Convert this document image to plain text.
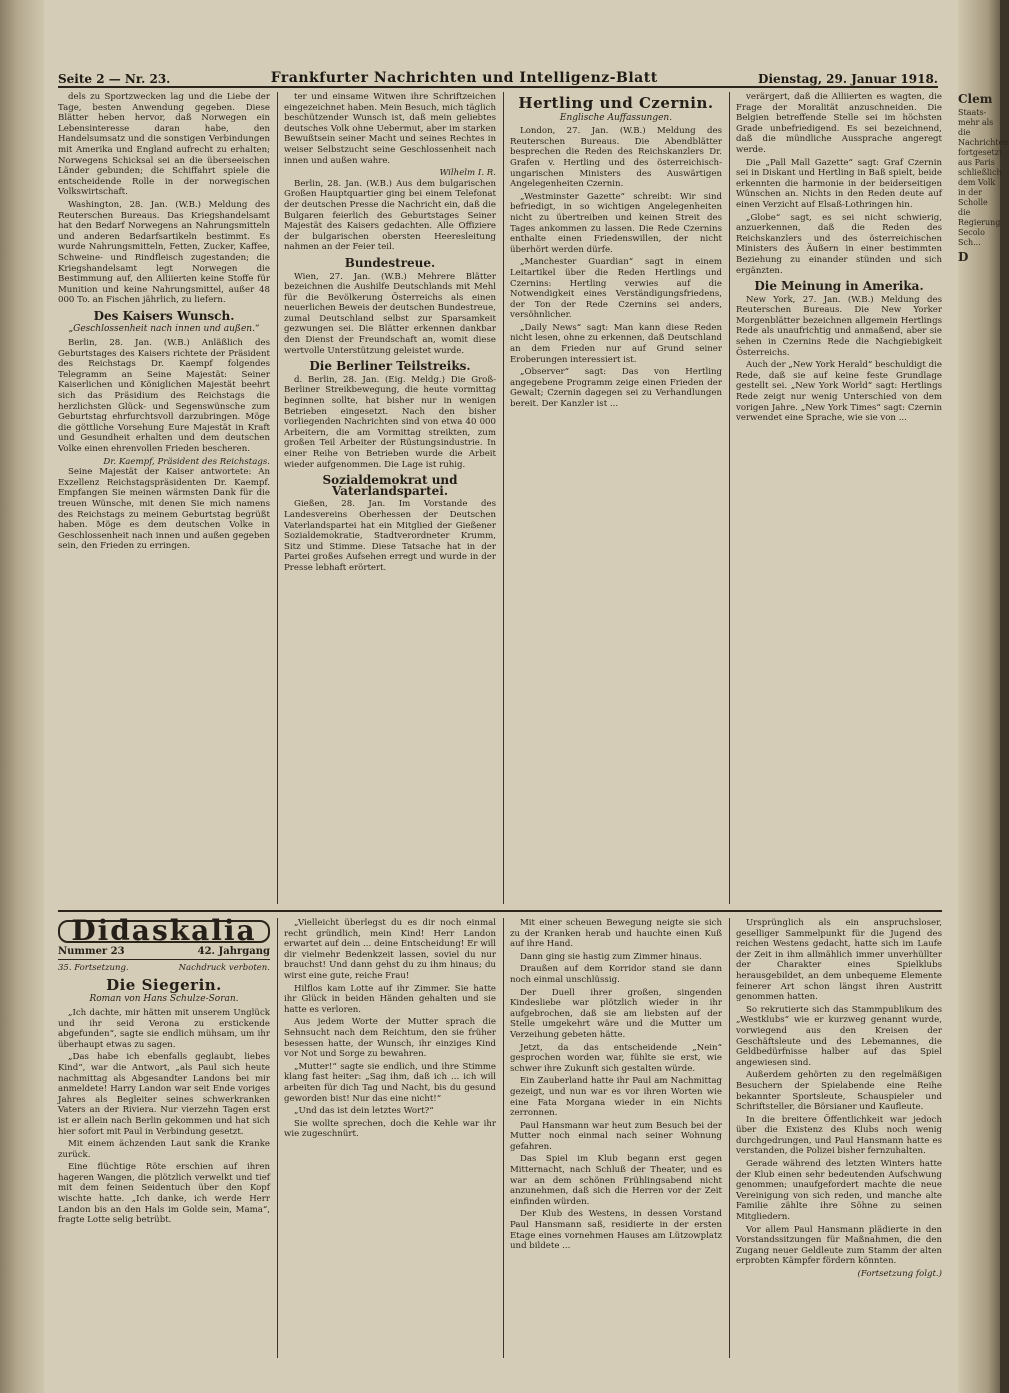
Seite 2 — Nr. 23.	Frankfurter Nachrichten und Intelligenz-Blatt	Dienstag, 29. Januar 1918.

dels zu Sportzwecken lag und die Liebe der Tage, besten Anwendung gegeben. Diese Blätter heben hervor, daß Norwegen ein Lebensinteresse daran habe, den Handelsumsatz und die sonstigen Verbindungen mit Amerika und England aufrecht zu erhalten; Norwegens Schicksal sei an die überseeischen Länder gebunden; die Schiffahrt spiele die entscheidende Rolle in der norwegischen Volkswirtschaft.

Washington, 28. Jan. (W.B.) Meldung des Reuterschen Bureaus. Das Kriegshandelsamt hat den Bedarf Norwegens an Nahrungsmitteln und anderen Bedarfsartikeln bestimmt. Es wurde Nahrungsmitteln, Fetten, Zucker, Kaffee, Schweine- und Rindfleisch zugestanden; die Kriegshandelsamt legt Norwegen die Bestimmung auf, den Alliierten keine Stoffe für Munition und keine Nahrungsmittel, außer 48 000 To. an Fischen jährlich, zu liefern.

Des Kaisers Wunsch.
„Geschlossenheit nach innen und außen.“

Berlin, 28. Jan. (W.B.) Anläßlich des Geburtstages des Kaisers richtete der Präsident des Reichstags Dr. Kaempf folgendes Telegramm an Seine Majestät: Seiner Kaiserlichen und Königlichen Majestät beehrt sich das Präsidium des Reichstags die herzlichsten Glück- und Segenswünsche zum Geburtstag ehrfurchtsvoll darzubringen. Möge die göttliche Vorsehung Eure Majestät in Kraft und Gesundheit erhalten und dem deutschen Volke einen ehrenvollen Frieden bescheren.

Dr. Kaempf, Präsident des Reichstags.

Seine Majestät der Kaiser antwortete: An Exzellenz Reichstagspräsidenten Dr. Kaempf. Empfangen Sie meinen wärmsten Dank für die treuen Wünsche, mit denen Sie mich namens des Reichstags zu meinem Geburtstag begrüßt haben. Möge es dem deutschen Volke in Geschlossenheit nach innen und außen gegeben sein, den Frieden zu erringen.

ter und einsame Witwen ihre Schriftzeichen eingezeichnet haben. Mein Besuch, mich täglich beschützender Wunsch ist, daß mein geliebtes deutsches Volk ohne Uebermut, aber im starken Bewußtsein seiner Macht und seines Rechtes in weiser Selbstzucht seine Geschlossenheit nach innen und außen wahre.

Wilhelm I. R.

Berlin, 28. Jan. (W.B.) Aus dem bulgarischen Großen Hauptquartier ging bei einem Telefonat der deutschen Presse die Nachricht ein, daß die Bulgaren feierlich des Geburtstages Seiner Majestät des Kaisers gedachten. Alle Offiziere der bulgarischen obersten Heeresleitung nahmen an der Feier teil.

Bundestreue.

Wien, 27. Jan. (W.B.) Mehrere Blätter bezeichnen die Aushilfe Deutschlands mit Mehl für die Bevölkerung Österreichs als einen neuerlichen Beweis der deutschen Bundestreue, zumal Deutschland selbst zur Sparsamkeit gezwungen sei. Die Blätter erkennen dankbar den Dienst der Freundschaft an, womit diese wertvolle Unterstützung geleistet wurde.

Die Berliner Teilstreiks.

d. Berlin, 28. Jan. (Eig. Meldg.) Die Groß-Berliner Streikbewegung, die heute vormittag beginnen sollte, hat bisher nur in wenigen Betrieben eingesetzt. Nach den bisher vorliegenden Nachrichten sind von etwa 40 000 Arbeitern, die am Vormittag streikten, zum großen Teil Arbeiter der Rüstungsindustrie. In einer Reihe von Betrieben wurde die Arbeit wieder aufgenommen. Die Lage ist ruhig.

Sozialdemokrat und Vaterlandspartei.

Gießen, 28. Jan. Im Vorstande des Landesvereins Oberhessen der Deutschen Vaterlandspartei hat ein Mitglied der Gießener Sozialdemokratie, Stadtverordneter Krumm, Sitz und Stimme. Diese Tatsache hat in der Partei großes Aufsehen erregt und wurde in der Presse lebhaft erörtert.

Hertling und Czernin.
Englische Auffassungen.

London, 27. Jan. (W.B.) Meldung des Reuterschen Bureaus. Die Abendblätter besprechen die Reden des Reichskanzlers Dr. Grafen v. Hertling und des österreichisch-ungarischen Ministers des Auswärtigen Angelegenheiten Czernin.

„Westminster Gazette“ schreibt: Wir sind befriedigt, in so wichtigen Angelegenheiten nicht zu übertreiben und keinen Streit des Tages ankommen zu lassen. Die Rede Czernins enthalte einen Friedenswillen, der nicht überhört werden dürfe.

„Manchester Guardian“ sagt in einem Leitartikel über die Reden Hertlings und Czernins: Hertling verwies auf die Notwendigkeit eines Verständigungsfriedens, der Ton der Rede Czernins sei anders, versöhnlicher.

„Daily News“ sagt: Man kann diese Reden nicht lesen, ohne zu erkennen, daß Deutschland an dem Frieden nur auf Grund seiner Eroberungen interessiert ist.

„Observer“ sagt: Das von Hertling angegebene Programm zeige einen Frieden der Gewalt; Czernin dagegen sei zu Verhandlungen bereit. Der Kanzler ist ...

verärgert, daß die Alliierten es wagten, die Frage der Moralität anzuschneiden. Die Belgien betreffende Stelle sei im höchsten Grade unbefriedigend. Es sei bezeichnend, daß die mündliche Aussprache angeregt werde.

Die „Pall Mall Gazette“ sagt: Graf Czernin sei in Diskant und Hertling in Baß spielt, beide erkennten die harmonie in der beiderseitigen Wünschen an. Nichts in den Reden deute auf einen Verzicht auf Elsaß-Lothringen hin.

„Globe“ sagt, es sei nicht schwierig, anzuerkennen, daß die Reden des Reichskanzlers und des österreichischen Ministers des Äußern in einer bestimmten Beziehung zu einander stünden und sich ergänzten.

Die Meinung in Amerika.

New York, 27. Jan. (W.B.) Meldung des Reuterschen Bureaus. Die New Yorker Morgenblätter bezeichnen allgemein Hertlings Rede als unaufrichtig und anmaßend, aber sie sehen in Czernins Rede die Nachgiebigkeit Österreichs.

Auch der „New York Herald“ beschuldigt die Rede, daß sie auf keine feste Grundlage gestellt sei. „New York World“ sagt: Hertlings Rede zeigt nur wenig Unterschied von dem vorigen Jahre. „New York Times“ sagt: Czernin verwendet eine Sprache, wie sie von ...

Didaskalia
Nummer 23	42. Jahrgang
35. Fortsetzung.	Nachdruck verboten.
Die Siegerin.
Roman von Hans Schulze-Soran.

„Ich dachte, mir hätten mit unserem Unglück und ihr seid Verona zu erstickende abgefunden“, sagte sie endlich mühsam, um ihr überhaupt etwas zu sagen.

„Das habe ich ebenfalls geglaubt, liebes Kind“, war die Antwort, „als Paul sich heute nachmittag als Abgesandter Landons bei mir anmeldete! Harry Landon war seit Ende voriges Jahres als Begleiter seines schwerkranken Vaters an der Riviera. Nur vierzehn Tagen erst ist er allein nach Berlin gekommen und hat sich hier sofort mit Paul in Verbindung gesetzt.

Mit einem ächzenden Laut sank die Kranke zurück.

Eine flüchtige Röte erschien auf ihren hageren Wangen, die plötzlich verwelkt und tief mit dem feinen Seidentuch über den Kopf wischte hatte. „Ich danke, ich werde Herr Landon bis an den Hals im Golde sein, Mama“, fragte Lotte selig betrübt.

„Vielleicht überlegst du es dir noch einmal recht gründlich, mein Kind! Herr Landon erwartet auf dein ... deine Entscheidung! Er will dir vielmehr Bedenkzeit lassen, soviel du nur brauchst! Und dann gehst du zu ihm hinaus; du wirst eine gute, reiche Frau!

Hilflos kam Lotte auf ihr Zimmer. Sie hatte ihr Glück in beiden Händen gehalten und sie hatte es verloren.

Aus jedem Worte der Mutter sprach die Sehnsucht nach dem Reichtum, den sie früher besessen hatte, der Wunsch, ihr einziges Kind vor Not und Sorge zu bewahren.

„Mutter!“ sagte sie endlich, und ihre Stimme klang fast heiter: „Sag ihm, daß ich ... ich will arbeiten für dich Tag und Nacht, bis du gesund geworden bist! Nur das eine nicht!“

„Und das ist dein letztes Wort?“

Sie wollte sprechen, doch die Kehle war ihr wie zugeschnürt.

Mit einer scheuen Bewegung neigte sie sich zu der Kranken herab und hauchte einen Kuß auf ihre Hand.

Dann ging sie hastig zum Zimmer hinaus.

Draußen auf dem Korridor stand sie dann noch einmal unschlüssig.

Der Duell ihrer großen, singenden Kindesliebe war plötzlich wieder in ihr aufgebrochen, daß sie am liebsten auf der Stelle umgekehrt wäre und die Mutter um Verzeihung gebeten hätte.

Jetzt, da das entscheidende „Nein“ gesprochen worden war, fühlte sie erst, wie schwer ihre Zukunft sich gestalten würde.

Ein Zauberland hatte ihr Paul am Nachmittag gezeigt, und nun war es vor ihren Worten wie eine Fata Morgana wieder in ein Nichts zerronnen.

Paul Hansmann war heut zum Besuch bei der Mutter noch einmal nach seiner Wohnung gefahren.

Das Spiel im Klub begann erst gegen Mitternacht, nach Schluß der Theater, und es war an dem schönen Frühlingsabend nicht anzunehmen, daß sich die Herren vor der Zeit einfinden würden.

Der Klub des Westens, in dessen Vorstand Paul Hansmann saß, residierte in der ersten Etage eines vornehmen Hauses am Lützowplatz und bildete ...

Ursprünglich als ein anspruchsloser, geselliger Sammelpunkt für die Jugend des reichen Westens gedacht, hatte sich im Laufe der Zeit in ihm allmählich immer unverhüllter der Charakter eines Spielklubs herausgebildet, an dem unbequeme Elemente feinerer Art schon längst ihren Austritt genommen hatten.

So rekrutierte sich das Stammpublikum des „Westklubs“ wie er kurzweg genannt wurde, vorwiegend aus den Kreisen der Geschäftsleute und des Lebemannes, die Geldbedürfnisse halber auf das Spiel angewiesen sind.

Außerdem gehörten zu den regelmäßigen Besuchern der Spielabende eine Reihe bekannter Sportsleute, Schauspieler und Schriftsteller, die Börsianer und Kaufleute.

In die breitere Öffentlichkeit war jedoch über die Existenz des Klubs noch wenig durchgedrungen, und Paul Hansmann hatte es verstanden, die Polizei bisher fernzuhalten.

Gerade während des letzten Winters hatte der Klub einen sehr bedeutenden Aufschwung genommen; unaufgefordert machte die neue Vereinigung von sich reden, und manche alte Familie zählte ihre Söhne zu seinen Mitgliedern.

Vor allem Paul Hansmann plädierte in den Vorstandssitzungen für Maßnahmen, die den Zugang neuer Geldleute zum Stamm der alten erprobten Kämpfer fördern könnten.

(Fortsetzung folgt.)
Clem
Staats- mehr als die Nachrichten fortgesetzt aus Paris schließlich dem Volk in der Scholle die Regierung Secolo Sch...
D
